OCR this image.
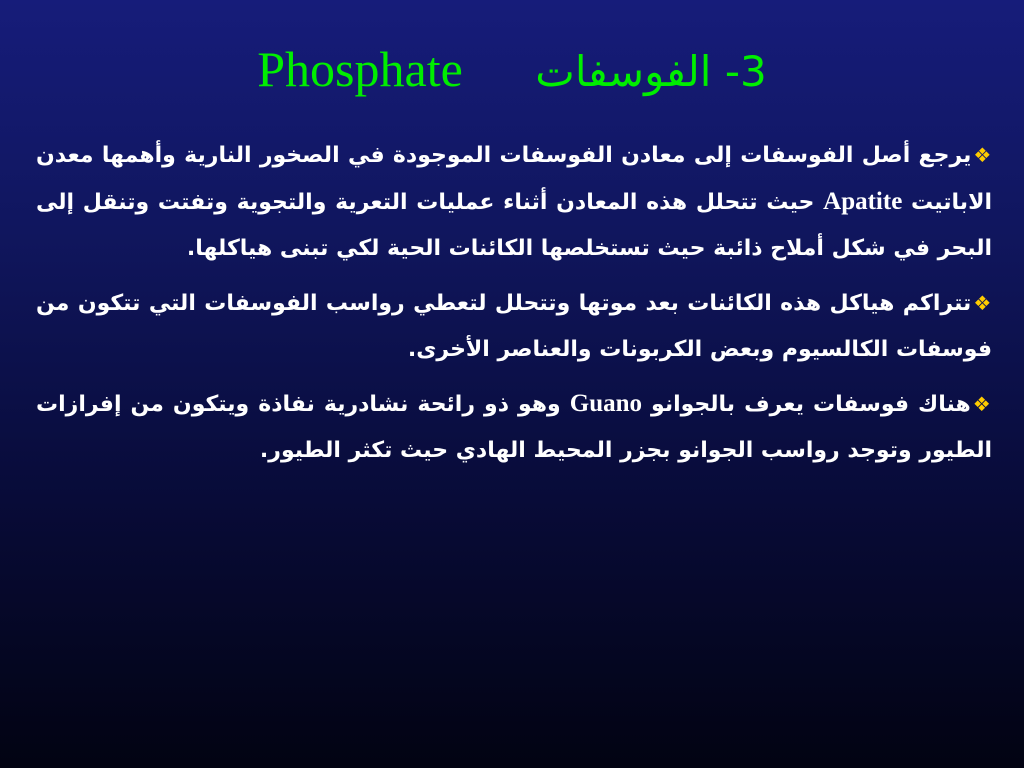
Phosphate 3- الفوسفات

❖يرجع أصل الفوسفات إلى معادن الفوسفات الموجودة في الصخور النارية وأهمها معدن الاباتيت Apatite حيث تتحلل هذه المعادن أثناء عمليات التعرية والتجوية وتفتت وتنقل إلى البحر في شكل أملاح ذائبة حيث تستخلصها الكائنات الحية لكي تبنى هياكلها.

❖تتراكم هياكل هذه الكائنات بعد موتها وتتحلل لتعطي رواسب الفوسفات التي تتكون من فوسفات الكالسيوم وبعض الكربونات والعناصر الأخرى.

❖هناك فوسفات يعرف بالجوانو Guano وهو ذو رائحة نشادرية نفاذة ويتكون من إفرازات الطيور وتوجد رواسب الجوانو بجزر المحيط الهادي حيث تكثر الطيور.
